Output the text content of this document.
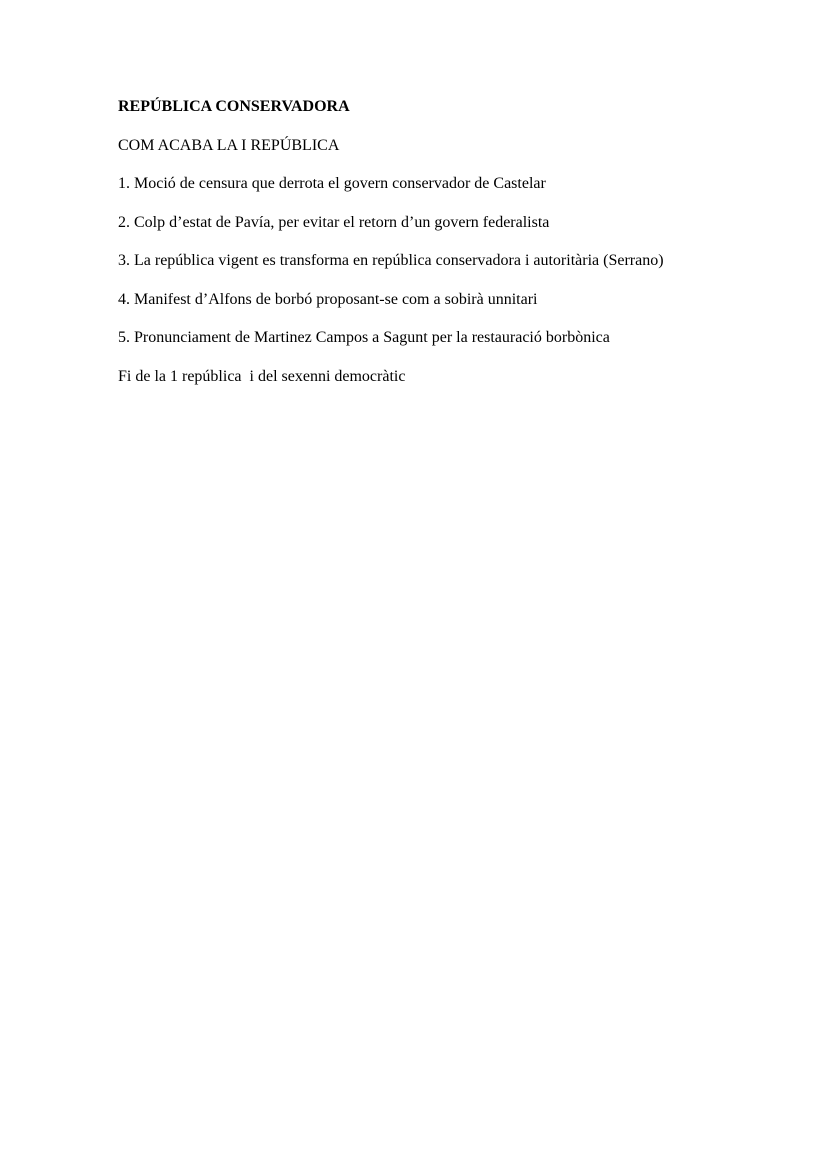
REPÚBLICA CONSERVADORA
COM ACABA LA I REPÚBLICA
1. Moció de censura que derrota el govern conservador de Castelar
2. Colp d’estat de Pavía, per evitar el retorn d’un govern federalista
3. La república vigent es transforma en república conservadora i autoritària (Serrano)
4. Manifest d’Alfons de borbó proposant-se com a sobirà unnitari
5. Pronunciament de Martinez Campos a Sagunt per la restauració borbònica
Fi de la 1 república  i del sexenni democràtic
